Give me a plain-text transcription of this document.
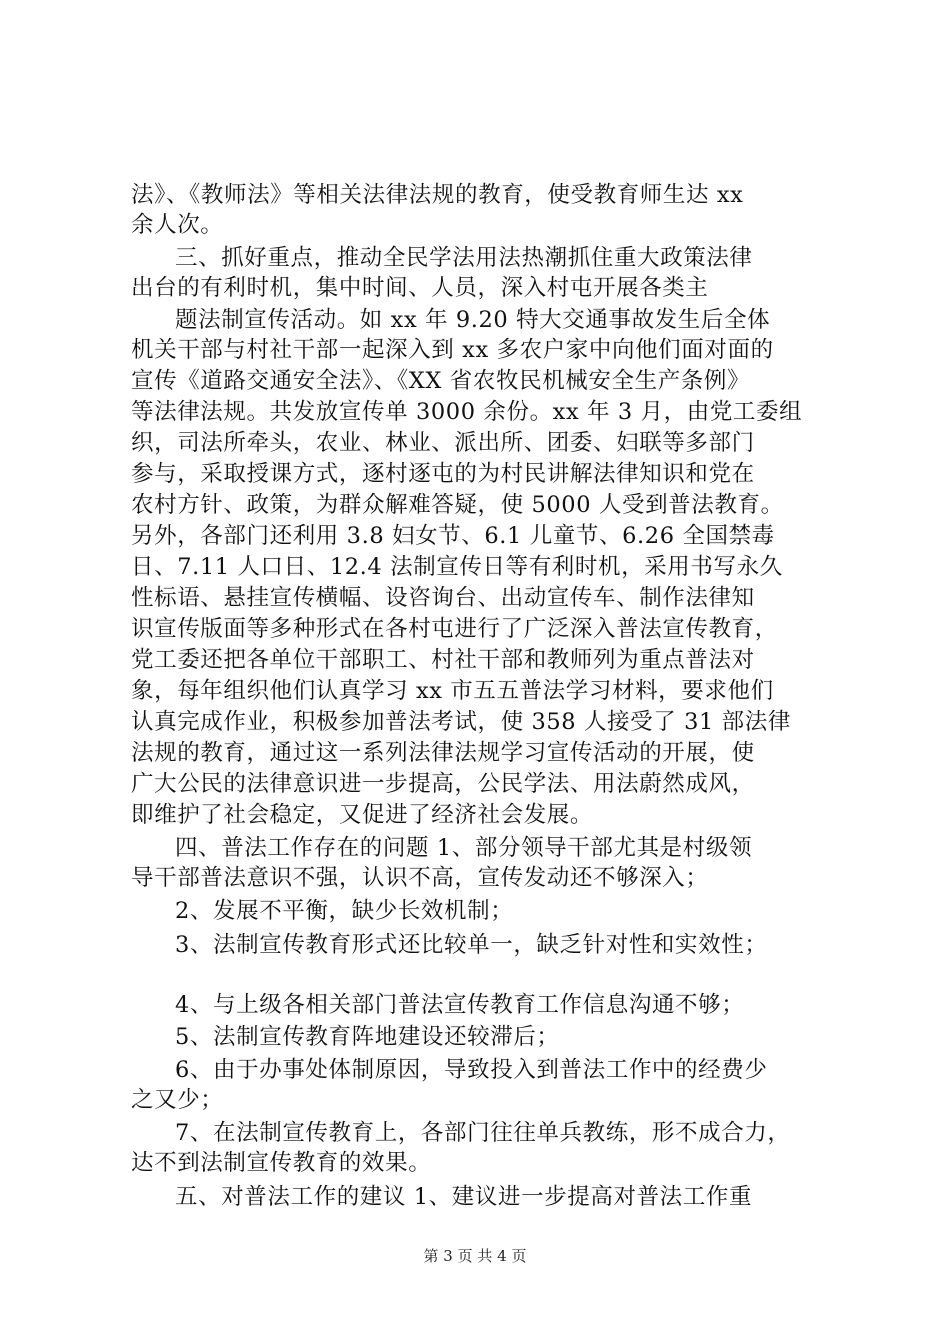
法》、《教师法》等相关法律法规的教育，使受教育师生达 xx
余人次。
三、抓好重点，推动全民学法用法热潮抓住重大政策法律
出台的有利时机，集中时间、人员，深入村屯开展各类主
题法制宣传活动。如 xx 年 9.20 特大交通事故发生后全体
机关干部与村社干部一起深入到 xx 多农户家中向他们面对面的
宣传《道路交通安全法》、《XX 省农牧民机械安全生产条例》
等法律法规。共发放宣传单 3000 余份。xx 年 3 月，由党工委组
织，司法所牵头，农业、林业、派出所、团委、妇联等多部门
参与，采取授课方式，逐村逐屯的为村民讲解法律知识和党在
农村方针、政策，为群众解难答疑，使 5000 人受到普法教育。
另外，各部门还利用 3.8 妇女节、6.1 儿童节、6.26 全国禁毒
日、7.11 人口日、12.4 法制宣传日等有利时机，采用书写永久
性标语、悬挂宣传横幅、设咨询台、出动宣传车、制作法律知
识宣传版面等多种形式在各村屯进行了广泛深入普法宣传教育，
党工委还把各单位干部职工、村社干部和教师列为重点普法对
象，每年组织他们认真学习 xx 市五五普法学习材料，要求他们
认真完成作业，积极参加普法考试，使 358 人接受了 31 部法律
法规的教育，通过这一系列法律法规学习宣传活动的开展，使
广大公民的法律意识进一步提高，公民学法、用法蔚然成风，
即维护了社会稳定，又促进了经济社会发展。
四、普法工作存在的问题 1、部分领导干部尤其是村级领
导干部普法意识不强，认识不高，宣传发动还不够深入；
2、发展不平衡，缺少长效机制；
3、法制宣传教育形式还比较单一，缺乏针对性和实效性；
4、与上级各相关部门普法宣传教育工作信息沟通不够；
5、法制宣传教育阵地建设还较滞后；
6、由于办事处体制原因，导致投入到普法工作中的经费少
之又少；
7、在法制宣传教育上，各部门往往单兵教练，形不成合力，
达不到法制宣传教育的效果。
五、对普法工作的建议 1、建议进一步提高对普法工作重
第 3 页 共 4 页
